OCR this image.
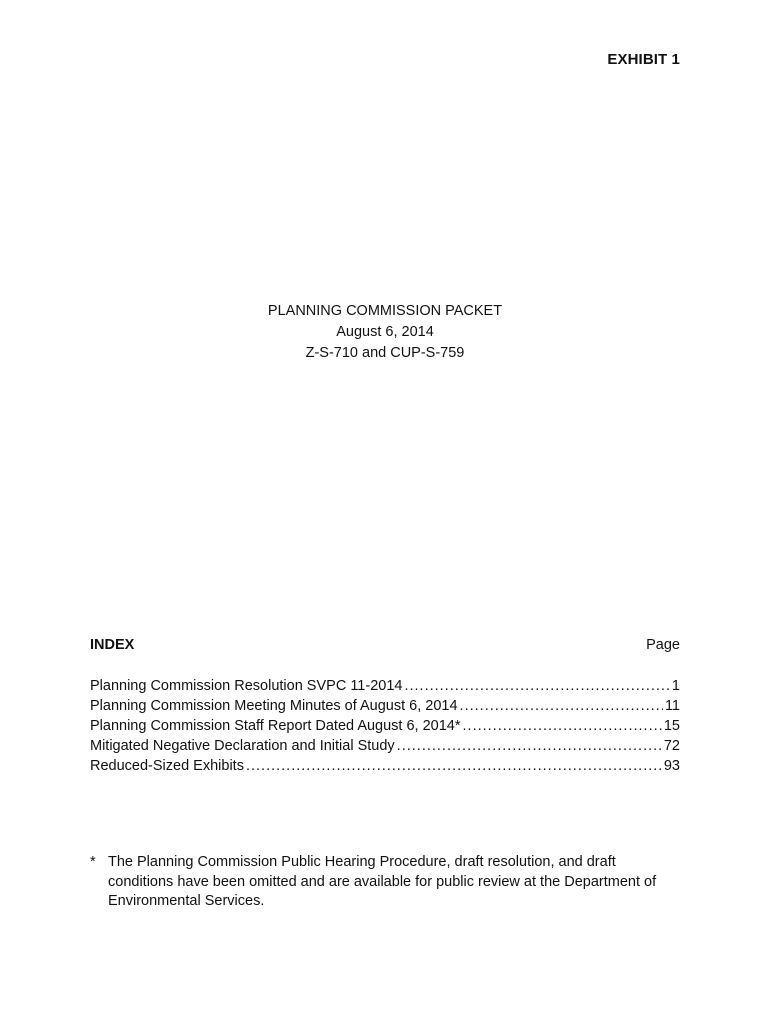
EXHIBIT 1
PLANNING COMMISSION PACKET
August 6, 2014
Z-S-710 and CUP-S-759
INDEX	Page
Planning Commission Resolution SVPC 11-2014 .....	1
Planning Commission Meeting Minutes of August 6, 2014 .....	11
Planning Commission Staff Report Dated August 6, 2014* .....	15
Mitigated Negative Declaration and Initial Study .....	72
Reduced-Sized Exhibits .....	93
* The Planning Commission Public Hearing Procedure, draft resolution, and draft conditions have been omitted and are available for public review at the Department of Environmental Services.
